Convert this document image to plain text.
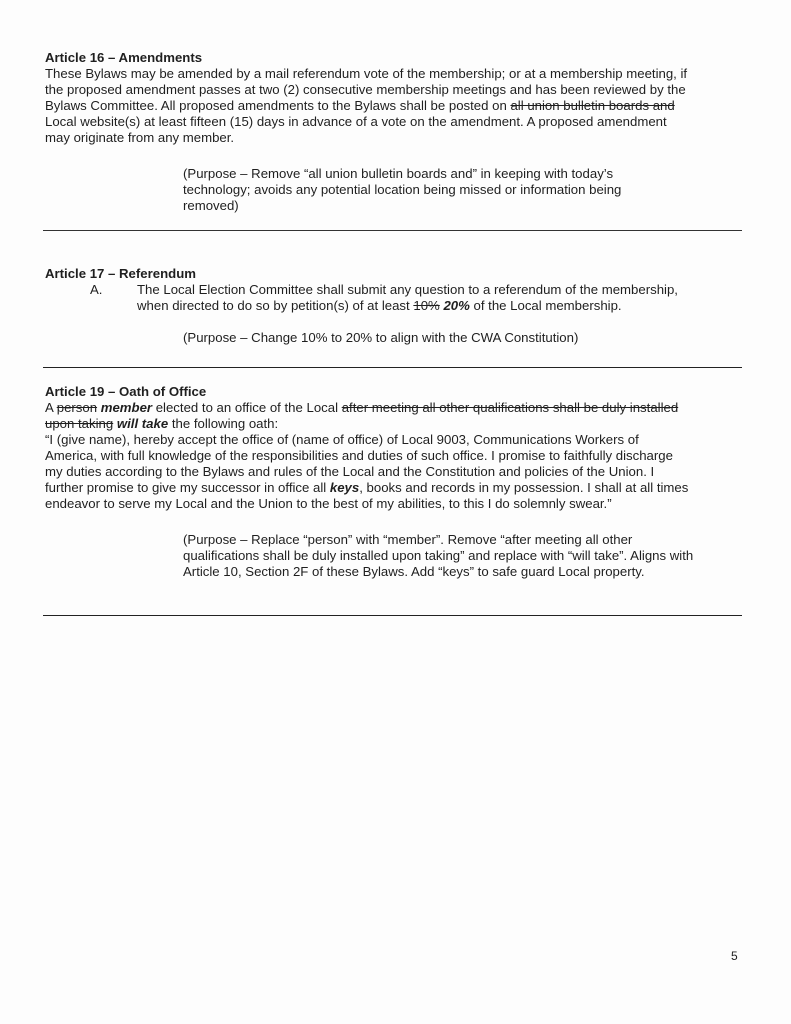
Article 16 – Amendments
These Bylaws may be amended by a mail referendum vote of the membership; or at a membership meeting, if
the proposed amendment passes at two (2) consecutive membership meetings and has been reviewed by the
Bylaws Committee. All proposed amendments to the Bylaws shall be posted on all union bulletin boards and
Local website(s) at least fifteen (15) days in advance of a vote on the amendment. A proposed amendment
may originate from any member.
(Purpose – Remove “all union bulletin boards and” in keeping with today’s
technology; avoids any potential location being missed or information being
removed)
Article 17 – Referendum
A.	The Local Election Committee shall submit any question to a referendum of the membership,
when directed to do so by petition(s) of at least 10% 20% of the Local membership.
(Purpose – Change 10% to 20% to align with the CWA Constitution)
Article 19 – Oath of Office
A person member elected to an office of the Local after meeting all other qualifications shall be duly installed
upon taking will take the following oath:
“I (give name), hereby accept the office of (name of office) of Local 9003, Communications Workers of
America, with full knowledge of the responsibilities and duties of such office. I promise to faithfully discharge
my duties according to the Bylaws and rules of the Local and the Constitution and policies of the Union. I
further promise to give my successor in office all keys, books and records in my possession. I shall at all times
endeavor to serve my Local and the Union to the best of my abilities, to this I do solemnly swear.”
(Purpose – Replace “person” with “member”. Remove “after meeting all other
qualifications shall be duly installed upon taking” and replace with “will take”. Aligns with
Article 10, Section 2F of these Bylaws. Add “keys” to safe guard Local property.
5
